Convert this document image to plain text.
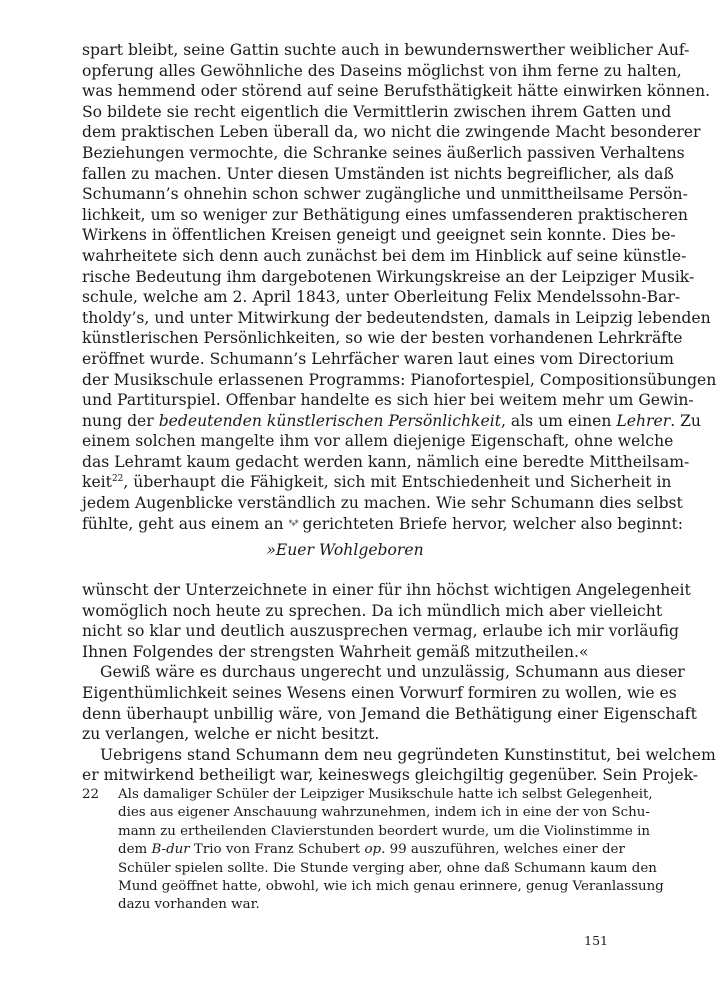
spart bleibt, seine Gattin suchte auch in bewundernswerther weiblicher Auf-
opferung alles Gewöhnliche des Daseins möglichst von ihm ferne zu halten,
was hemmend oder störend auf seine Berufsthätigkeit hätte einwirken können.
So bildete sie recht eigentlich die Vermittlerin zwischen ihrem Gatten und
dem praktischen Leben überall da, wo nicht die zwingende Macht besonderer
Beziehungen vermochte, die Schranke seines äußerlich passiven Verhaltens
fallen zu machen. Unter diesen Umständen ist nichts begreiflicher, als daß
Schumann’s ohnehin schon schwer zugängliche und unmittheilsame Persön-
lichkeit, um so weniger zur Bethätigung eines umfassenderen praktischeren
Wirkens in öffentlichen Kreisen geneigt und geeignet sein konnte. Dies be-
wahrheitete sich denn auch zunächst bei dem im Hinblick auf seine künstle-
rische Bedeutung ihm dargebotenen Wirkungskreise an der Leipziger Musik-
schule, welche am 2. April 1843, unter Oberleitung Felix Mendelssohn-Bar-
tholdy’s, und unter Mitwirkung der bedeutendsten, damals in Leipzig lebenden
künstlerischen Persönlichkeiten, so wie der besten vorhandenen Lehrkräfte
eröffnet wurde. Schumann’s Lehrfächer waren laut eines vom Directorium
der Musikschule erlassenen Programms: Pianofortespiel, Compositionsübungen
und Partiturspiel. Offenbar handelte es sich hier bei weitem mehr um Gewin-
nung der bedeutenden künstlerischen Persönlichkeit, als um einen Lehrer. Zu
einem solchen mangelte ihm vor allem diejenige Eigenschaft, ohne welche
das Lehramt kaum gedacht werden kann, nämlich eine beredte Mittheilsam-
keit$^{22}$, überhaupt die Fähigkeit, sich mit Entschiedenheit und Sicherheit in
jedem Augenblicke verständlich zu machen. Wie sehr Schumann dies selbst
fühlte, geht aus einem an *⁎* gerichteten Briefe hervor, welcher also beginnt:
»Euer Wohlgeboren
wünscht der Unterzeichnete in einer für ihn höchst wichtigen Angelegenheit
womöglich noch heute zu sprechen. Da ich mündlich mich aber vielleicht
nicht so klar und deutlich auszusprechen vermag, erlaube ich mir vorläufig
Ihnen Folgendes der strengsten Wahrheit gemäß mitzutheilen.«
Gewiß wäre es durchaus ungerecht und unzulässig, Schumann aus dieser
Eigenthümlichkeit seines Wesens einen Vorwurf formiren zu wollen, wie es
denn überhaupt unbillig wäre, von Jemand die Bethätigung einer Eigenschaft
zu verlangen, welche er nicht besitzt.
Uebrigens stand Schumann dem neu gegründeten Kunstinstitut, bei welchem
er mitwirkend betheiligt war, keineswegs gleichgiltig gegenüber. Sein Projek-
22 Als damaliger Schüler der Leipziger Musikschule hatte ich selbst Gelegenheit,
dies aus eigener Anschauung wahrzunehmen, indem ich in eine der von Schu-
mann zu ertheilenden Clavierstunden beordert wurde, um die Violinstimme in
dem B-dur Trio von Franz Schubert op. 99 auszuführen, welches einer der
Schüler spielen sollte. Die Stunde verging aber, ohne daß Schumann kaum den
Mund geöffnet hatte, obwohl, wie ich mich genau erinnere, genug Veranlassung
dazu vorhanden war.
151
